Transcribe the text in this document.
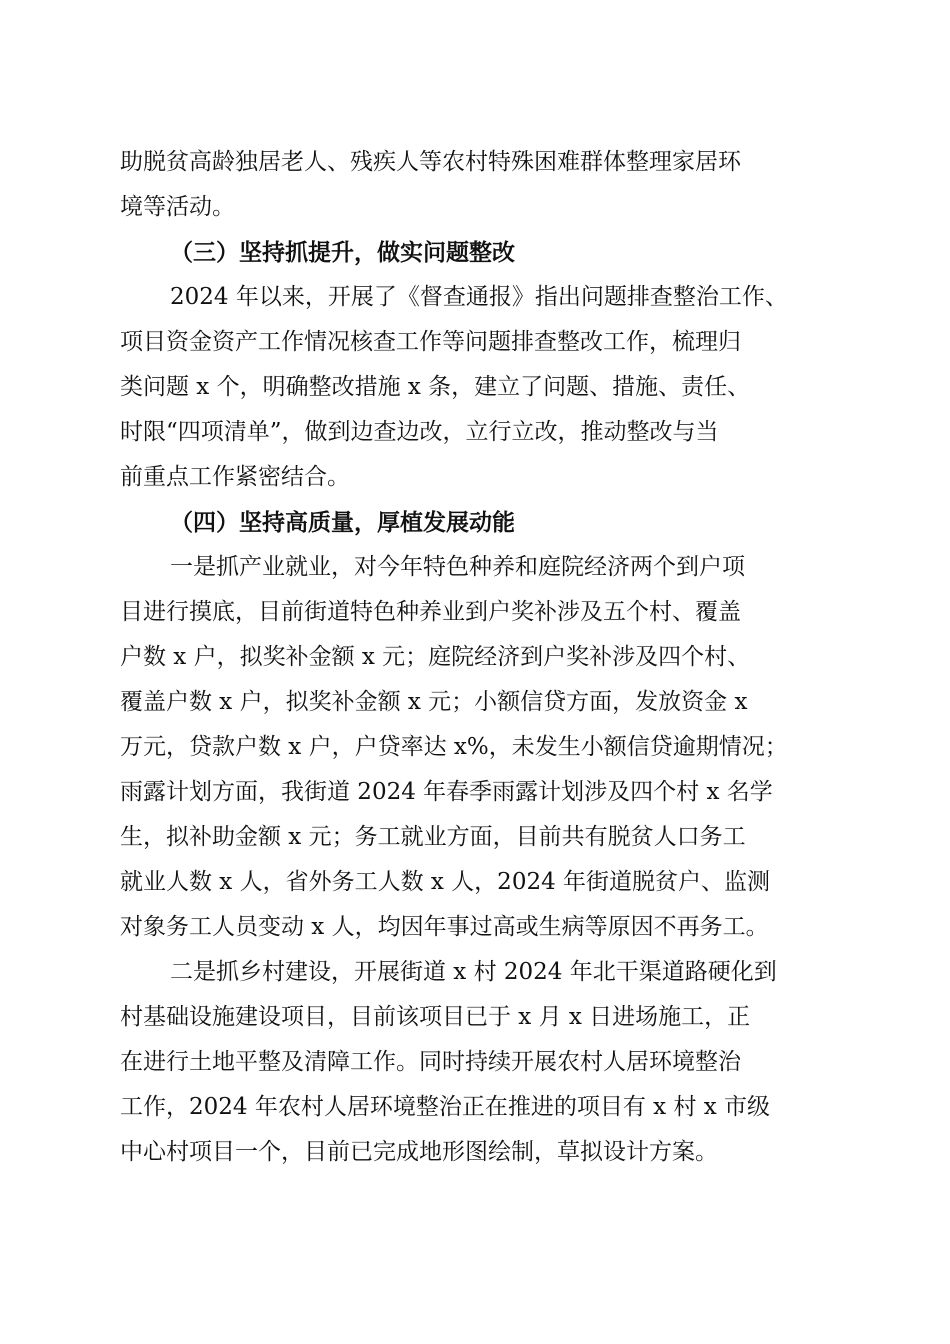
助脱贫高龄独居老人、残疾人等农村特殊困难群体整理家居环
境等活动。

（三）坚持抓提升，做实问题整改

2024 年以来，开展了《督查通报》指出问题排查整治工作、
项目资金资产工作情况核查工作等问题排查整改工作，梳理归
类问题 x 个，明确整改措施 x 条，建立了问题、措施、责任、
时限“四项清单”，做到边查边改，立行立改，推动整改与当
前重点工作紧密结合。

（四）坚持高质量，厚植发展动能

一是抓产业就业，对今年特色种养和庭院经济两个到户项
目进行摸底，目前街道特色种养业到户奖补涉及五个村、覆盖
户数 x 户，拟奖补金额 x 元；庭院经济到户奖补涉及四个村、
覆盖户数 x 户，拟奖补金额 x 元；小额信贷方面，发放资金 x
万元，贷款户数 x 户，户贷率达 x%，未发生小额信贷逾期情况；
雨露计划方面，我街道 2024 年春季雨露计划涉及四个村 x 名学
生，拟补助金额 x 元；务工就业方面，目前共有脱贫人口务工
就业人数 x 人，省外务工人数 x 人，2024 年街道脱贫户、监测
对象务工人员变动 x 人，均因年事过高或生病等原因不再务工。

二是抓乡村建设，开展街道 x 村 2024 年北干渠道路硬化到
村基础设施建设项目，目前该项目已于 x 月 x 日进场施工，正
在进行土地平整及清障工作。同时持续开展农村人居环境整治
工作，2024 年农村人居环境整治正在推进的项目有 x 村 x 市级
中心村项目一个，目前已完成地形图绘制，草拟设计方案。
